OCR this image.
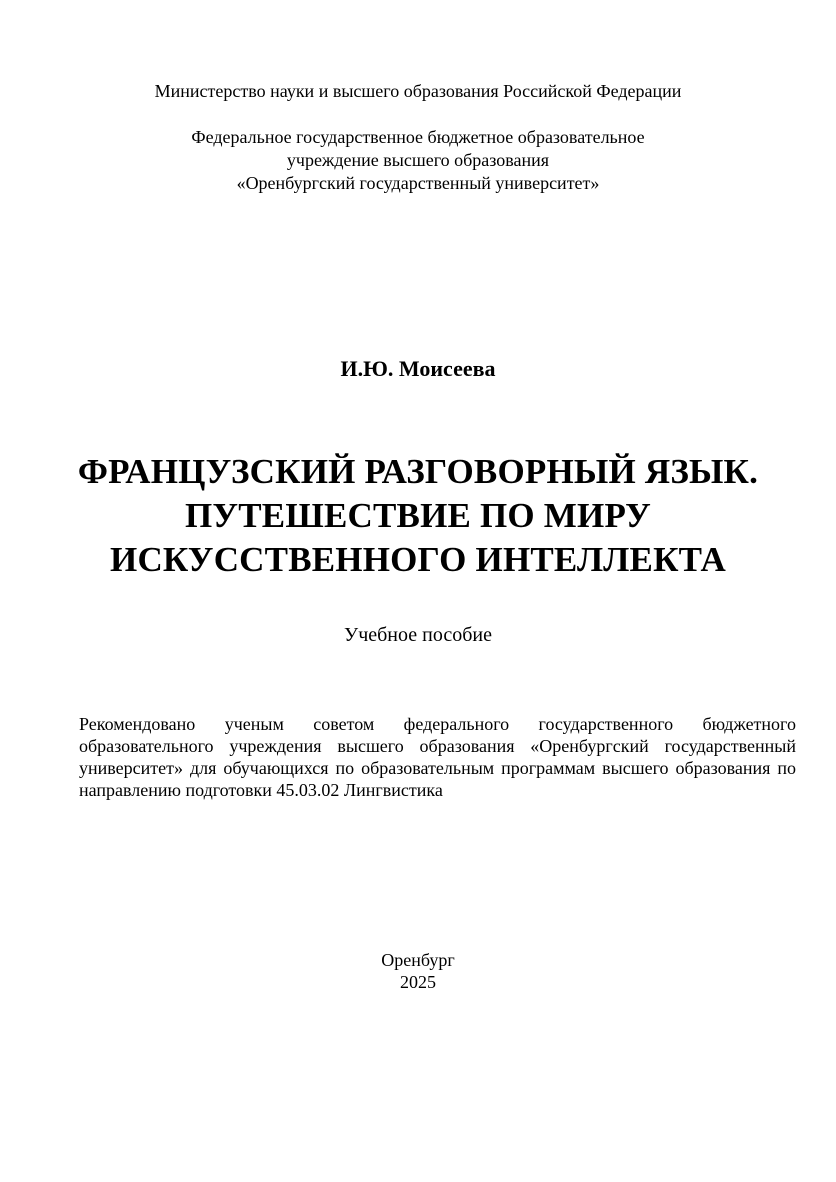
Министерство науки и высшего образования Российской Федерации
Федеральное государственное бюджетное образовательное
учреждение высшего образования
«Оренбургский государственный университет»
И.Ю. Моисеева
ФРАНЦУЗСКИЙ РАЗГОВОРНЫЙ ЯЗЫК.
ПУТЕШЕСТВИЕ ПО МИРУ
ИСКУССТВЕННОГО ИНТЕЛЛЕКТА
Учебное пособие
Рекомендовано ученым советом федерального государственного бюджетного образовательного учреждения высшего образования «Оренбургский государственный университет» для обучающихся по образовательным программам высшего образования по направлению подготовки 45.03.02 Лингвистика
Оренбург
2025
